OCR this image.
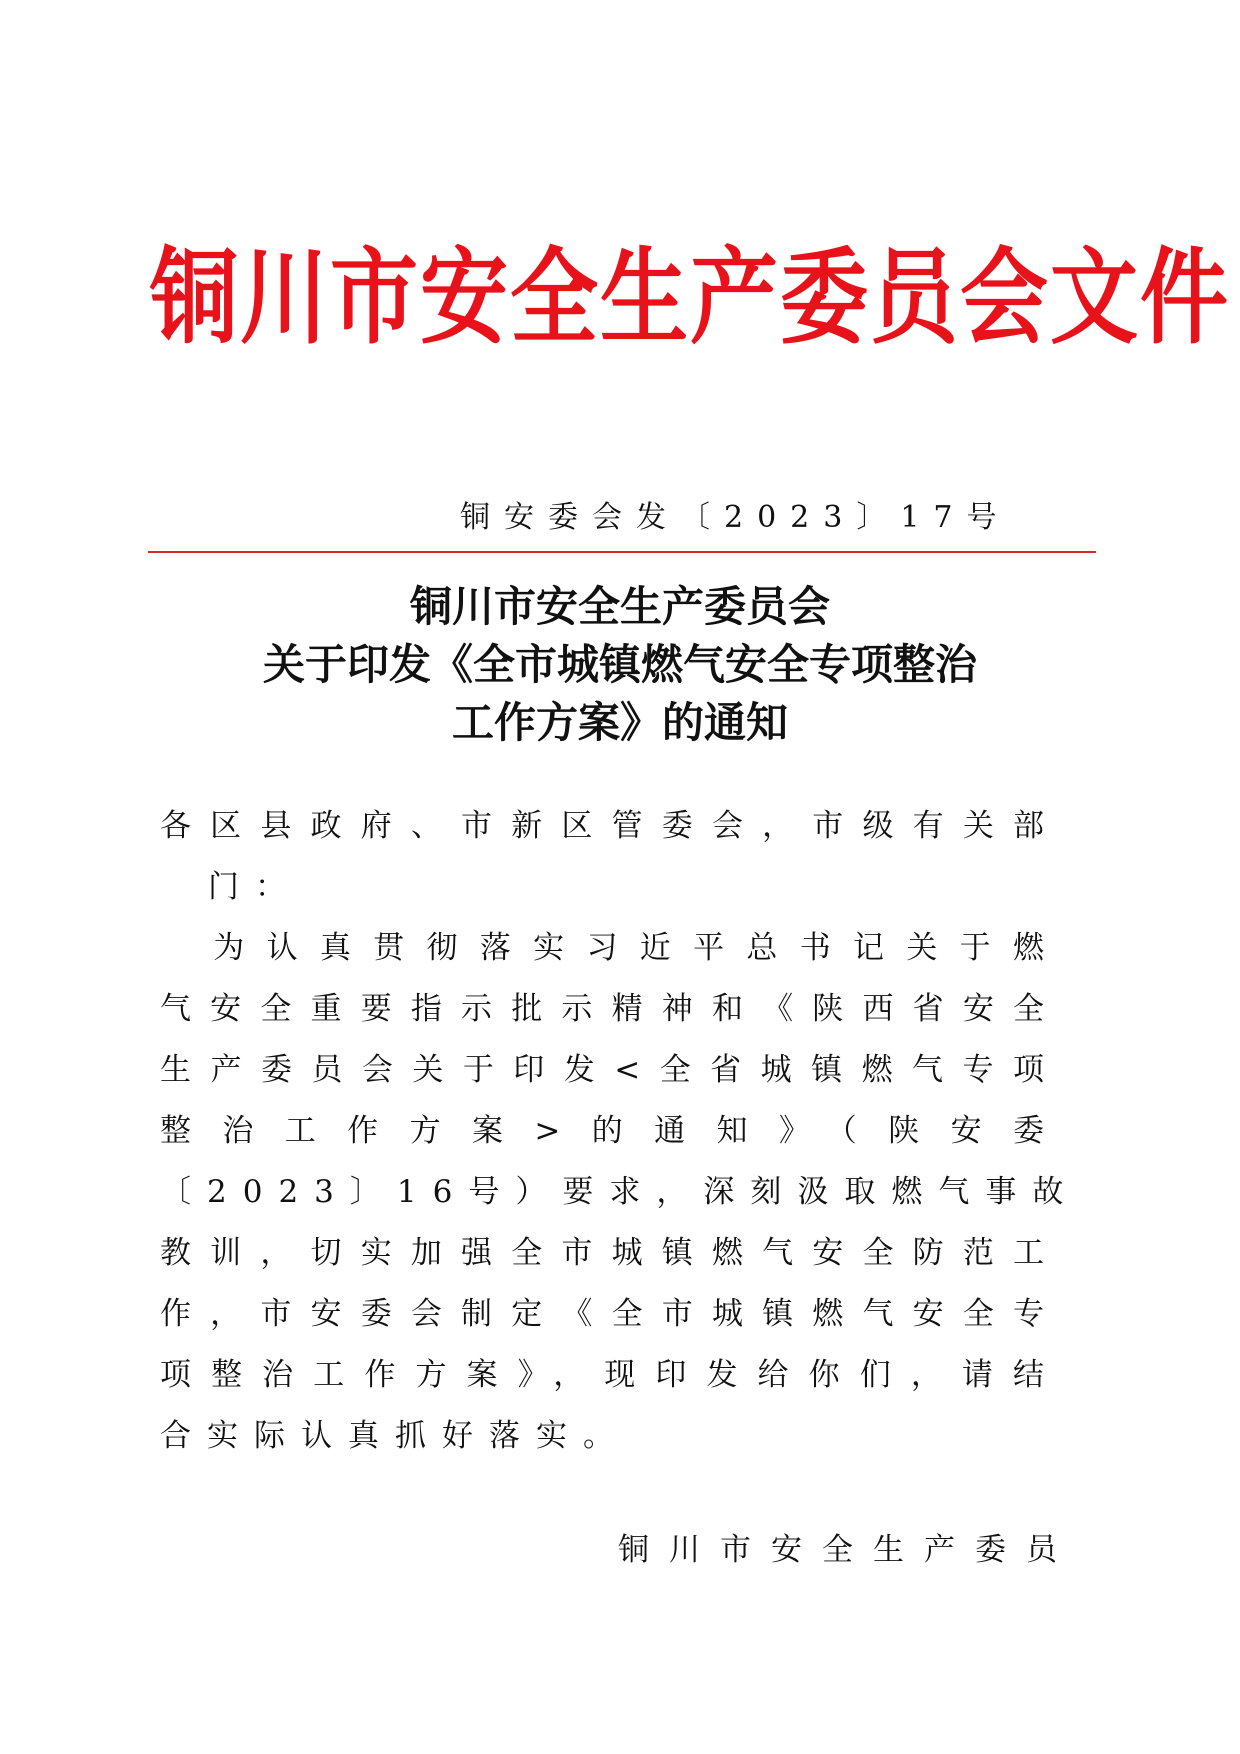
铜川市安全生产委员会文件
铜安委会发〔2023〕17号
铜川市安全生产委员会
关于印发《全市城镇燃气安全专项整治
工作方案》的通知
各区县政府、市新区管委会，市级有关部
门：
　为认真贯彻落实习近平总书记关于燃
气安全重要指示批示精神和《陕西省安全
生产委员会关于印发<全省城镇燃气专项
整治工作方案>的通知》（陕安委
〔2023〕16号）要求，深刻汲取燃气事故
教训，切实加强全市城镇燃气安全防范工
作，市安委会制定《全市城镇燃气安全专
项整治工作方案》，现印发给你们，请结
合实际认真抓好落实。
铜川市安全生产委员
